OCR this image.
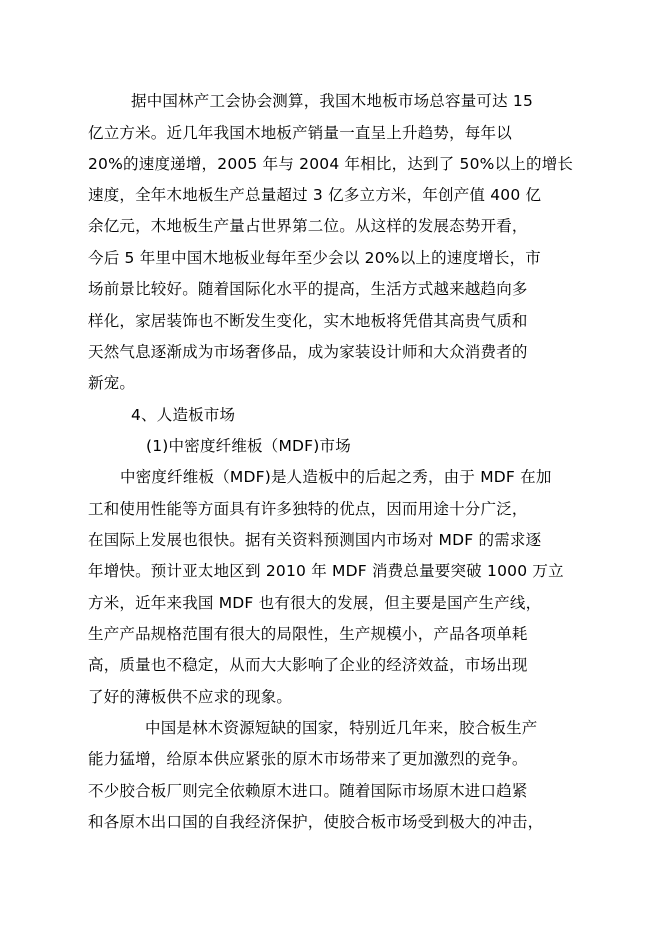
据中国林产工会协会测算，我国木地板市场总容量可达 15
亿立方米。近几年我国木地板产销量一直呈上升趋势，每年以
20%的速度递增，2005 年与 2004 年相比，达到了 50%以上的增长
速度，全年木地板生产总量超过 3 亿多立方米，年创产值 400 亿
余亿元，木地板生产量占世界第二位。从这样的发展态势开看，
今后 5 年里中国木地板业每年至少会以 20%以上的速度增长，市
场前景比较好。随着国际化水平的提高，生活方式越来越趋向多
样化，家居装饰也不断发生变化，实木地板将凭借其高贵气质和
天然气息逐渐成为市场奢侈品，成为家装设计师和大众消费者的
新宠。
4、人造板市场
(1)中密度纤维板（MDF)市场
中密度纤维板（MDF)是人造板中的后起之秀，由于 MDF 在加
工和使用性能等方面具有许多独特的优点，因而用途十分广泛，
在国际上发展也很快。据有关资料预测国内市场对 MDF 的需求逐
年增快。预计亚太地区到 2010 年 MDF 消费总量要突破 1000 万立
方米，近年来我国 MDF 也有很大的发展，但主要是国产生产线，
生产产品规格范围有很大的局限性，生产规模小，产品各项单耗
高，质量也不稳定，从而大大影响了企业的经济效益，市场出现
了好的薄板供不应求的现象。
中国是林木资源短缺的国家，特别近几年来，胶合板生产
能力猛增，给原本供应紧张的原木市场带来了更加激烈的竞争。
不少胶合板厂则完全依赖原木进口。随着国际市场原木进口趋紧
和各原木出口国的自我经济保护，使胶合板市场受到极大的冲击，
